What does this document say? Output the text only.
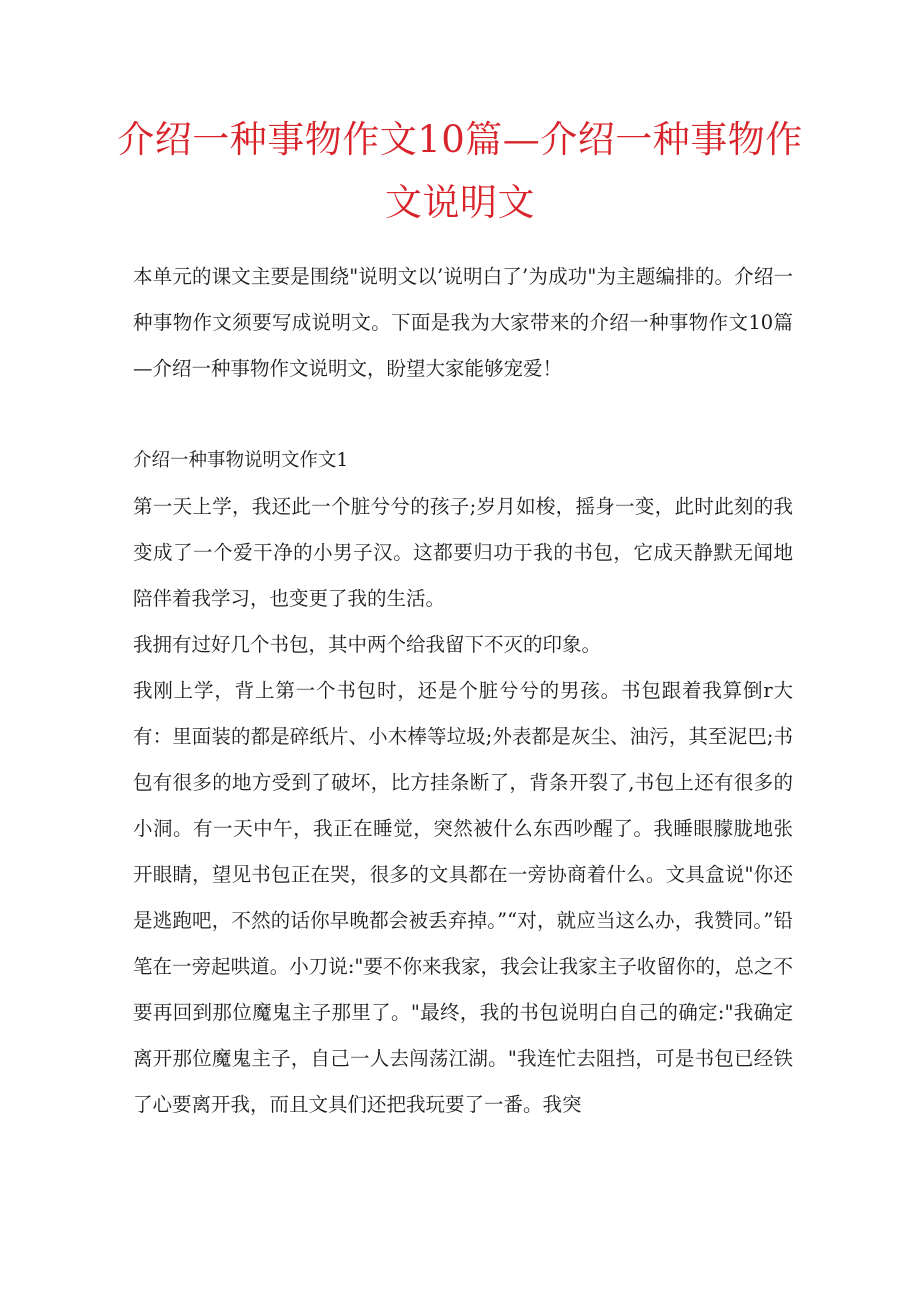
介绍一种事物作文10篇—介绍一种事物作文说明文

本单元的课文主要是围绕"说明文以’说明白了’为成功"为主题编排的。介绍一种事物作文须要写成说明文。下面是我为大家带来的介绍一种事物作文10篇—介绍一种事物作文说明文，盼望大家能够宠爱！

介绍一种事物说明文作文1

第一天上学，我还此一个脏兮兮的孩子;岁月如梭，摇身一变，此时此刻的我变成了一个爱干净的小男子汉。这都要归功于我的书包，它成天静默无闻地陪伴着我学习，也变更了我的生活。

我拥有过好几个书包，其中两个给我留下不灭的印象。

我刚上学，背上第一个书包时，还是个脏兮兮的男孩。书包跟着我算倒r大有：里面装的都是碎纸片、小木棒等垃圾;外表都是灰尘、油污，其至泥巴;书包有很多的地方受到了破坏，比方挂条断了，背条开裂了,书包上还有很多的小洞。有一天中午，我正在睡觉，突然被什么东西吵醒了。我睡眼朦胧地张开眼睛，望见书包正在哭，很多的文具都在一旁协商着什么。文具盒说"你还是逃跑吧，不然的话你早晚都会被丢弃掉。”“对，就应当这么办，我赞同。”铅笔在一旁起哄道。小刀说:"要不你来我家，我会让我家主子收留你的，总之不要再回到那位魔鬼主子那里了。"最终，我的书包说明白自己的确定:"我确定离开那位魔鬼主子，自己一人去闯荡江湖。"我连忙去阻挡，可是书包已经铁了心要离开我，而且文具们还把我玩要了一番。我突
